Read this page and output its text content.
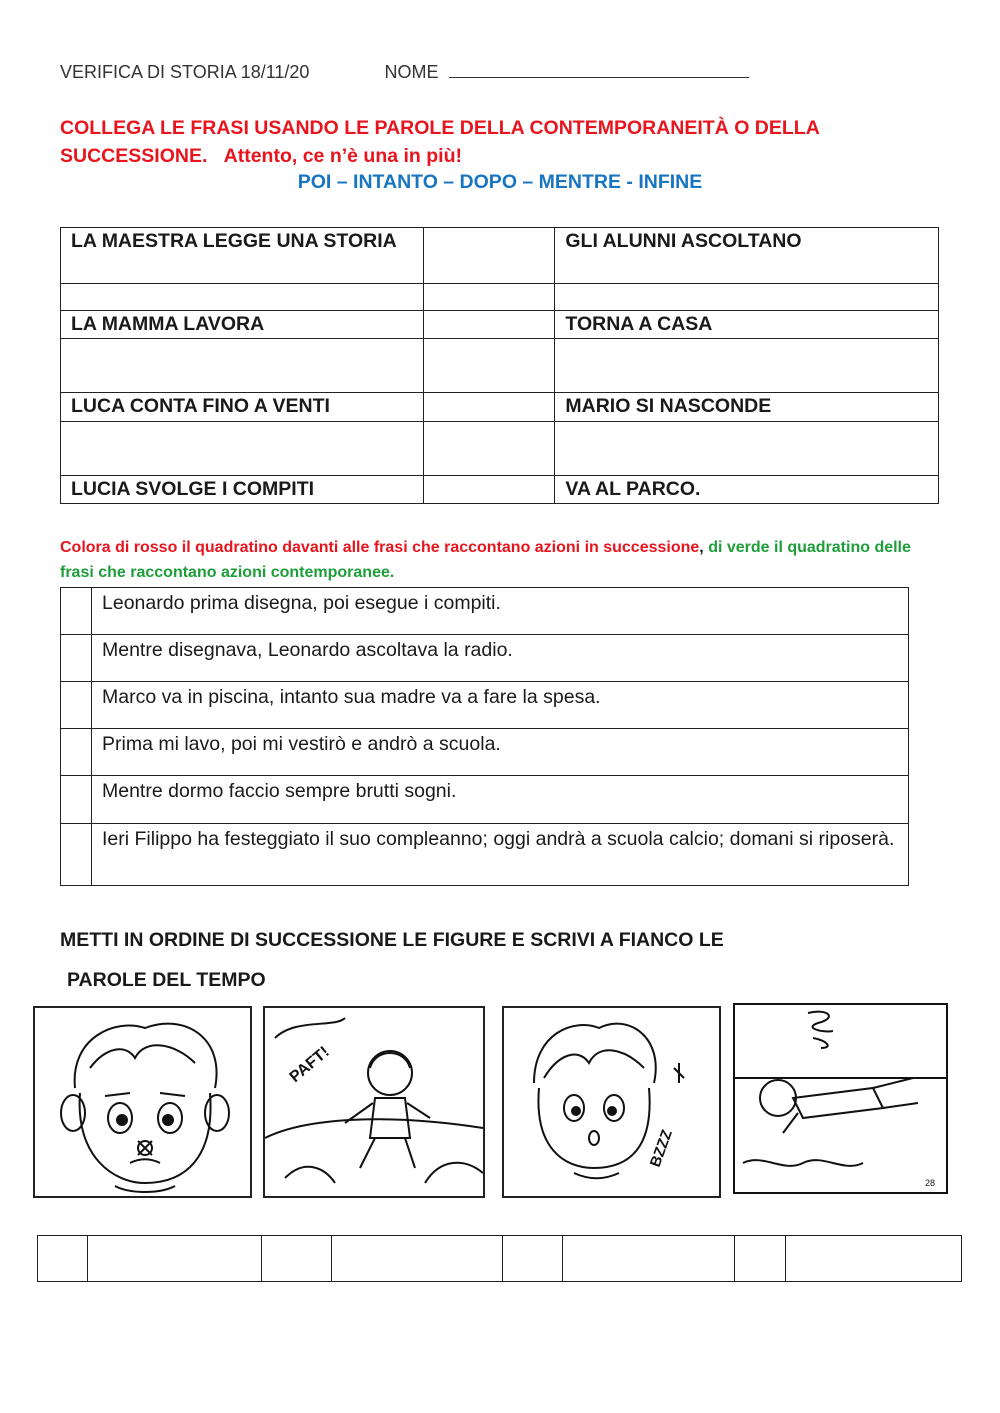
VERIFICA DI STORIA 18/11/20	NOME
COLLEGA LE FRASI USANDO LE PAROLE DELLA CONTEMPORANEITÀ O DELLA SUCCESSIONE. Attento, ce n’è una in più!
POI – INTANTO – DOPO – MENTRE - INFINE
LA MAESTRA LEGGE UNA STORIA		GLI ALUNNI ASCOLTANO

LA MAMMA LAVORA		TORNA A CASA

LUCA CONTA FINO A VENTI		MARIO SI NASCONDE

LUCIA SVOLGE I COMPITI		VA AL PARCO.
Colora di rosso il quadratino davanti alle frasi che raccontano azioni in successione, di verde il quadratino delle frasi che raccontano azioni contemporanee.
	Leonardo prima disegna, poi esegue i compiti.
	Mentre disegnava, Leonardo ascoltava la radio.
	Marco va in piscina, intanto sua madre va a fare la spesa.
	Prima mi lavo, poi mi vestirò e andrò a scuola.
	Mentre dormo faccio sempre brutti sogni.
	Ieri Filippo ha festeggiato il suo compleanno; oggi andrà a scuola calcio; domani si riposerà.
METTI IN ORDINE DI SUCCESSIONE LE FIGURE E SCRIVI A FIANCO LE
PAROLE DEL TEMPO
PAFT!
BZZZ
28
